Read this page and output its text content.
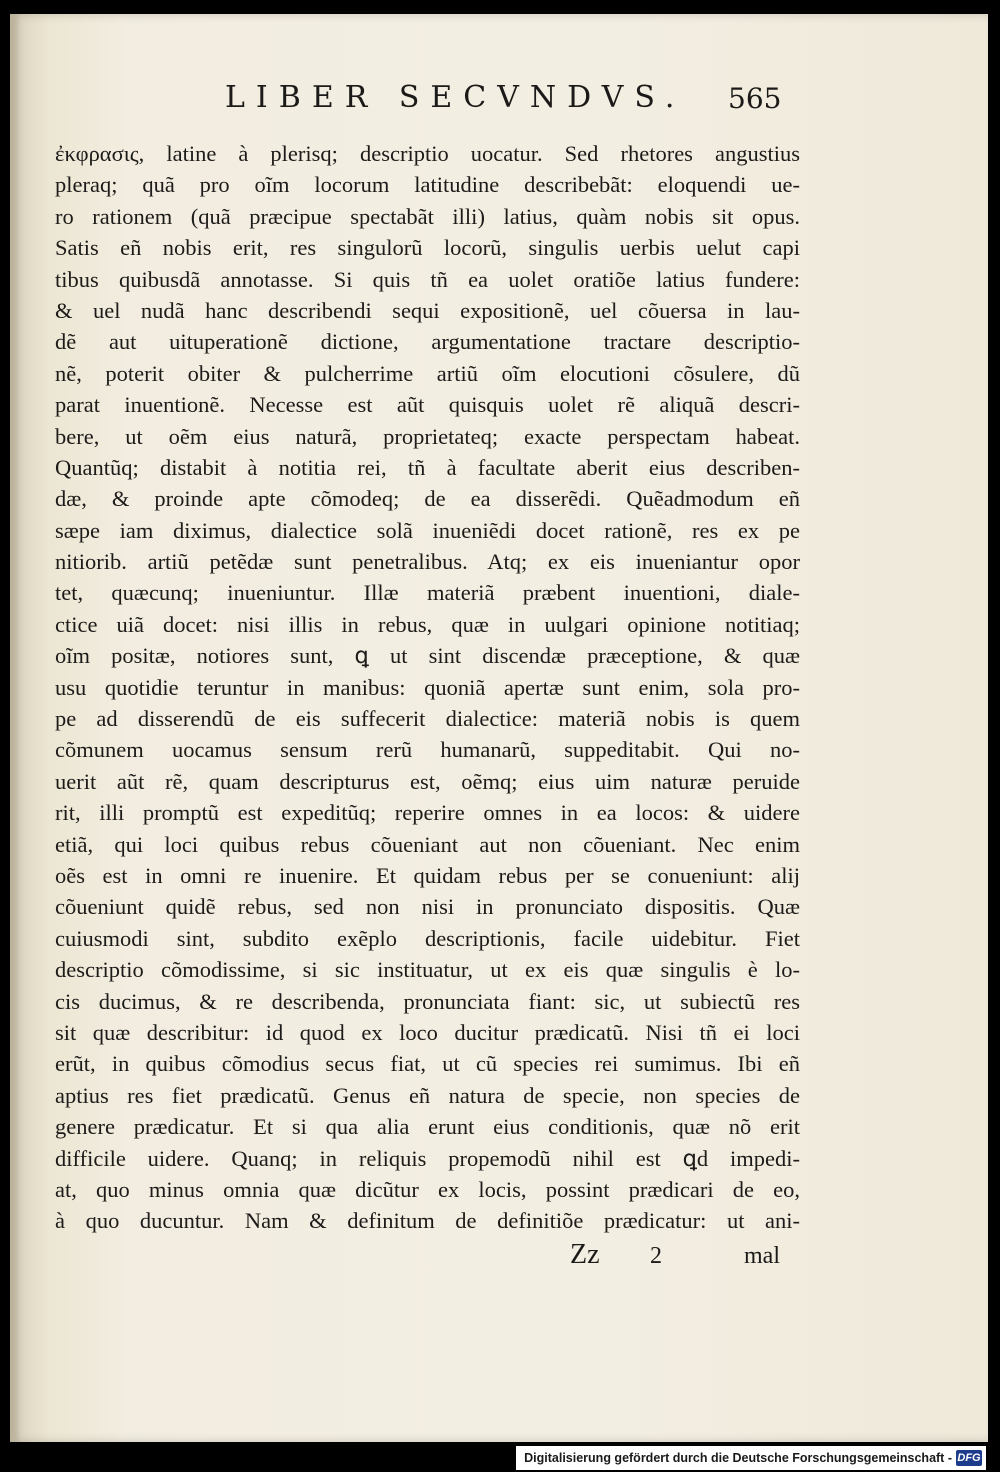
LIBER SECVNDVS. 565
ἐκφρασις, latine à plerisq; descriptio uocatur. Sed rhetores angustius
pleraq; quã pro oĩm locorum latitudine describebãt: eloquendi ue-
ro rationem (quã præcipue spectabãt illi) latius, quàm nobis sit opus.
Satis eñ nobis erit, res singulorũ locorũ, singulis uerbis uelut capi
tibus quibusdã annotasse. Si quis tñ ea uolet oratiõe latius fundere:
& uel nudã hanc describendi sequi expositionẽ, uel cõuersa in lau-
dẽ aut uituperationẽ dictione, argumentatione tractare descriptio-
nẽ, poterit obiter & pulcherrime artiũ oĩm elocutioni cõsulere, dũ
parat inuentionẽ. Necesse est aũt quisquis uolet rẽ aliquã descri-
bere, ut oẽm eius naturã, proprietateq; exacte perspectam habeat.
Quantũq; distabit à notitia rei, tñ à facultate aberit eius describen-
dæ, & proinde apte cõmodeq; de ea disserẽdi. Quẽadmodum eñ
sæpe iam diximus, dialectice solã inueniẽdi docet rationẽ, res ex pe
nitiorib. artiũ petẽdæ sunt penetralibus. Atq; ex eis inueniantur opor
tet, quæcunq; inueniuntur. Illæ materiã præbent inuentioni, diale-
ctice uiã docet: nisi illis in rebus, quæ in uulgari opinione notitiaq;
oĩm positæ, notiores sunt, ꝗ ut sint discendæ præceptione, & quæ
usu quotidie teruntur in manibus: quoniã apertæ sunt enim, sola pro-
pe ad disserendũ de eis suffecerit dialectice: materiã nobis is quem
cõmunem uocamus sensum rerũ humanarũ, suppeditabit. Qui no-
uerit aũt rẽ, quam descripturus est, oẽmq; eius uim naturæ peruide
rit, illi promptũ est expeditũq; reperire omnes in ea locos: & uidere
etiã, qui loci quibus rebus cõueniant aut non cõueniant. Nec enim
oẽs est in omni re inuenire. Et quidam rebus per se conueniunt: alij
cõueniunt quidẽ rebus, sed non nisi in pronunciato dispositis. Quæ
cuiusmodi sint, subdito exẽplo descriptionis, facile uidebitur. Fiet
descriptio cõmodissime, si sic instituatur, ut ex eis quæ singulis è lo-
cis ducimus, & re describenda, pronunciata fiant: sic, ut subiectũ res
sit quæ describitur: id quod ex loco ducitur prædicatũ. Nisi tñ ei loci
erũt, in quibus cõmodius secus fiat, ut cũ species rei sumimus. Ibi eñ
aptius res fiet prædicatũ. Genus eñ natura de specie, non species de
genere prædicatur. Et si qua alia erunt eius conditionis, quæ nõ erit
difficile uidere. Quanq; in reliquis propemodũ nihil est ꝗd impedi-
at, quo minus omnia quæ dicũtur ex locis, possint prædicari de eo,
à quo ducuntur. Nam & definitum de definitiõe prædicatur: ut ani-
Zz 2	mal
Digitalisierung gefördert durch die Deutsche Forschungsgemeinschaft - DFG
